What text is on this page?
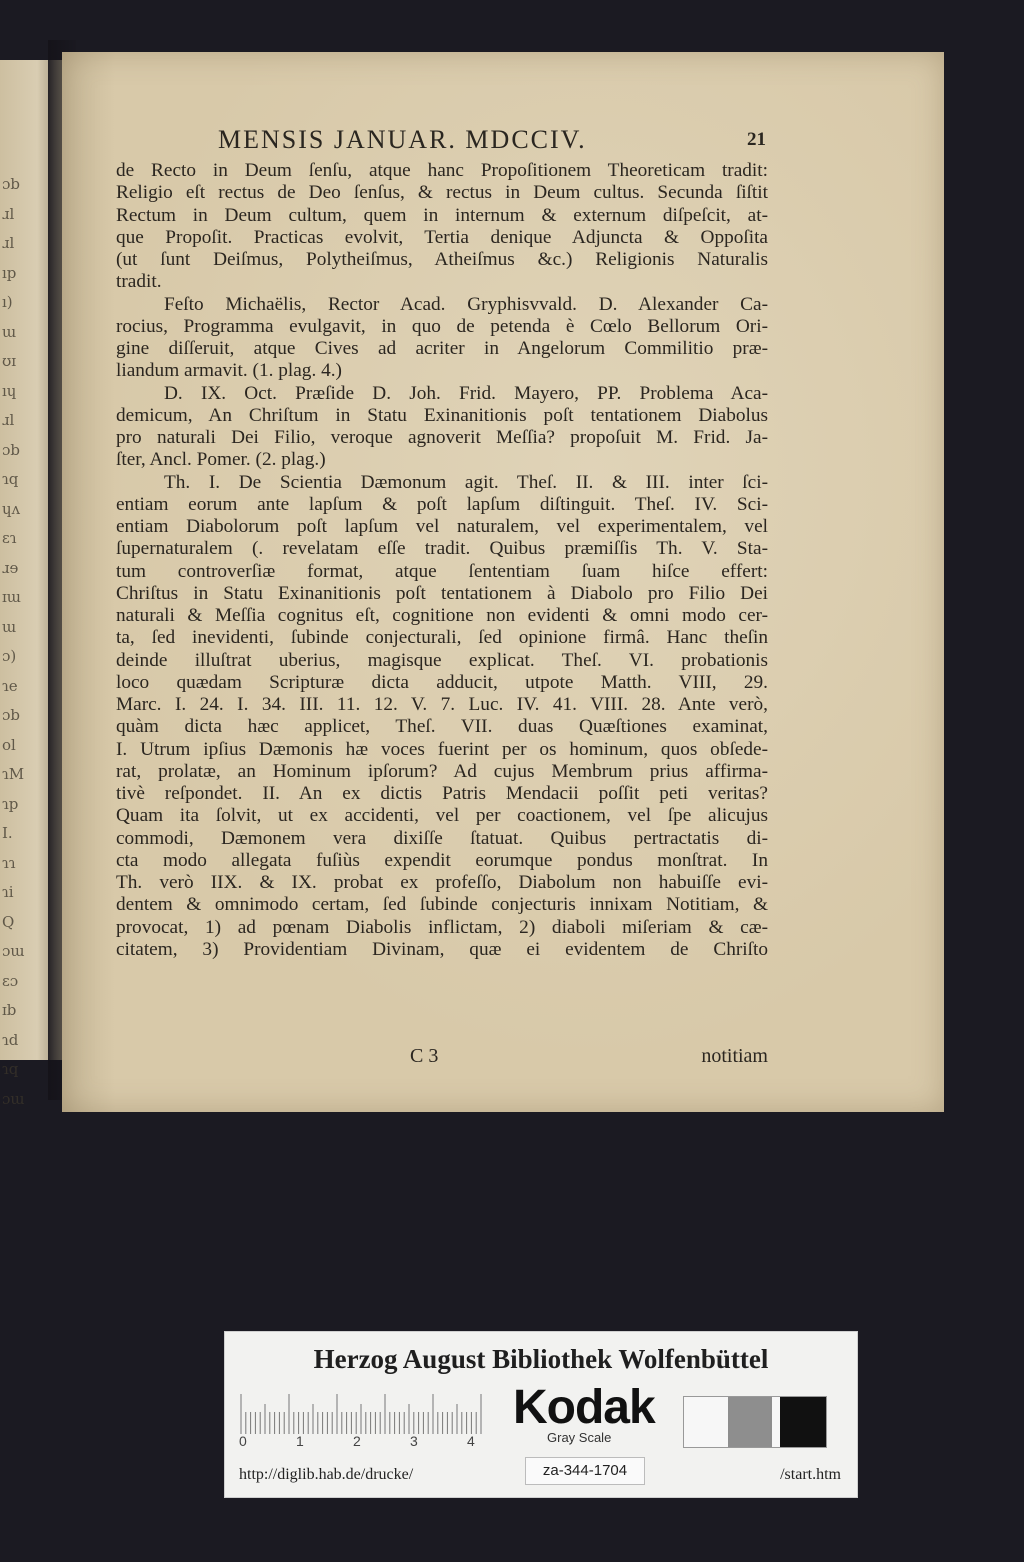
ɔb
ɹl
ɹl
ıp
ı)
ɯ
ʊɪ
ıɥ
ɹl
ɔb
ɿq
ɥʌ
ɛɿ
ɹɘ
ɪɯ
ɯ
ɔ)
ɿe
ɔb
ol
ɿM
ɿp
I.
ɿɿ
ɿi
Q
ɔɯ
ɛɔ
ɪb
ɿd
ɿq
ɔɯ
MENSIS JANUAR. MDCCIV.	21
de Recto in Deum ſenſu, atque hanc Propoſitionem Theoreticam tradit:
Religio eſt rectus de Deo ſenſus, & rectus in Deum cultus. Secunda ſiſtit
Rectum in Deum cultum, quem in internum & externum diſpeſcit, at-
que Propoſit. Practicas evolvit, Tertia denique Adjuncta & Oppoſita
(ut ſunt Deiſmus, Polytheiſmus, Atheiſmus &c.) Religionis Naturalis
tradit.
Feſto Michaëlis, Rector Acad. Gryphisvvald. D. Alexander Ca-
rocius, Programma evulgavit, in quo de petenda è Cœlo Bellorum Ori-
gine diſſeruit, atque Cives ad acriter in Angelorum Commilitio præ-
liandum armavit. (1. plag. 4.)
D. IX. Oct. Præſide D. Joh. Frid. Mayero, PP. Problema Aca-
demicum, An Chriſtum in Statu Exinanitionis poſt tentationem Diabolus
pro naturali Dei Filio, veroque agnoverit Meſſia? propoſuit M. Frid. Ja-
ſter, Ancl. Pomer. (2. plag.)
Th. I. De Scientia Dæmonum agit. Theſ. II. & III. inter ſci-
entiam eorum ante lapſum & poſt lapſum diſtinguit. Theſ. IV. Sci-
entiam Diabolorum poſt lapſum vel naturalem, vel experimentalem, vel
ſupernaturalem (. revelatam eſſe tradit. Quibus præmiſſis Th. V. Sta-
tum controverſiæ format, atque ſententiam ſuam hiſce effert:
Chriſtus in Statu Exinanitionis poſt tentationem à Diabolo pro Filio Dei
naturali & Meſſia cognitus eſt, cognitione non evidenti & omni modo cer-
ta, ſed inevidenti, ſubinde conjecturali, ſed opinione firmâ. Hanc theſin
deinde illuſtrat uberius, magisque explicat. Theſ. VI. probationis
loco quædam Scripturæ dicta adducit, utpote Matth. VIII, 29.
Marc. I. 24. I. 34. III. 11. 12. V. 7. Luc. IV. 41. VIII. 28. Ante verò,
quàm dicta hæc applicet, Theſ. VII. duas Quæſtiones examinat,
I. Utrum ipſius Dæmonis hæ voces fuerint per os hominum, quos obſede-
rat, prolatæ, an Hominum ipſorum? Ad cujus Membrum prius affirma-
tivè reſpondet. II. An ex dictis Patris Mendacii poſſit peti veritas?
Quam ita ſolvit, ut ex accidenti, vel per coactionem, vel ſpe alicujus
commodi, Dæmonem vera dixiſſe ſtatuat. Quibus pertractatis di-
cta modo allegata fuſiùs expendit eorumque pondus monſtrat. In
Th. verò IIX. & IX. probat ex profeſſo, Diabolum non habuiſſe evi-
dentem & omnimodo certam, ſed ſubinde conjecturis innixam Notitiam, &
provocat, 1) ad pœnam Diabolis inflictam, 2) diaboli miſeriam & cæ-
citatem, 3) Providentiam Divinam, quæ ei evidentem de Chriſto
C 3	notitiam
Herzog August Bibliothek Wolfenbüttel
0	1	2	3	4
Kodak
Gray Scale
http://diglib.hab.de/drucke/	za-344-1704	/start.htm
